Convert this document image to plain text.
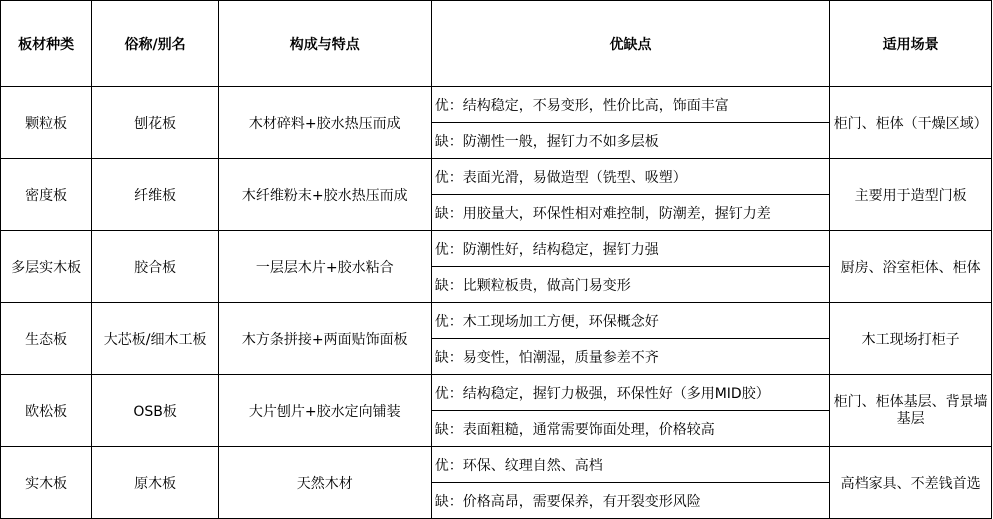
板材种类	俗称/别名	构成与特点	优缺点	适用场景
颗粒板	刨花板	木材碎料+胶水热压而成	优：结构稳定，不易变形，性价比高，饰面丰富	柜门、柜体（干燥区域）
			缺：防潮性一般，握钉力不如多层板	
密度板	纤维板	木纤维粉末+胶水热压而成	优：表面光滑，易做造型（铣型、吸塑）	主要用于造型门板
			缺：用胶量大，环保性相对难控制，防潮差，握钉力差	
多层实木板	胶合板	一层层木片+胶水粘合	优：防潮性好，结构稳定，握钉力强	厨房、浴室柜体、柜体
			缺：比颗粒板贵，做高门易变形	
生态板	大芯板/细木工板	木方条拼接+两面贴饰面板	优：木工现场加工方便，环保概念好	木工现场打柜子
			缺：易变性，怕潮湿，质量参差不齐	
欧松板	OSB板	大片刨片+胶水定向铺装	优：结构稳定，握钉力极强，环保性好（多用MID胶）	柜门、柜体基层、背景墙基层
			缺：表面粗糙，通常需要饰面处理，价格较高	
实木板	原木板	天然木材	优：环保、纹理自然、高档	高档家具、不差钱首选
			缺：价格高昂，需要保养，有开裂变形风险	
